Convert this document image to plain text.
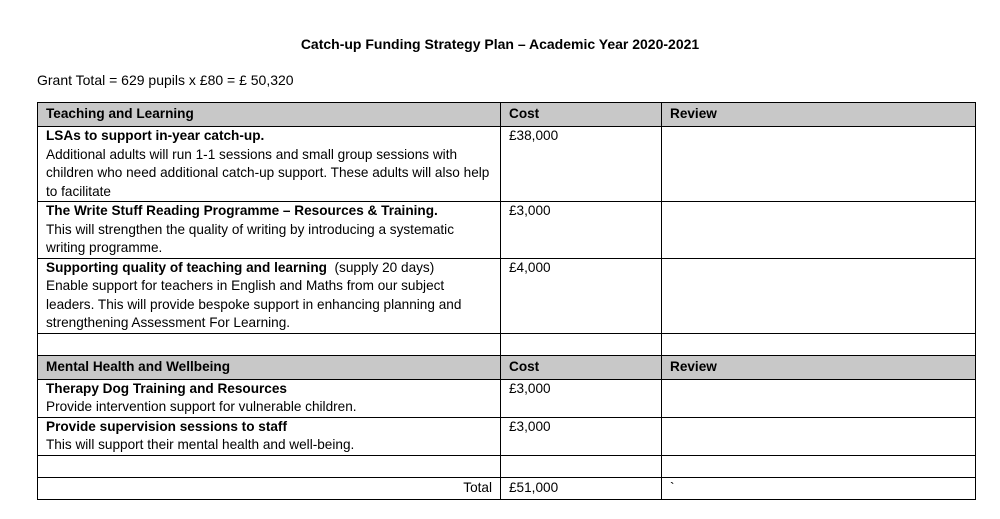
Catch-up Funding Strategy Plan – Academic Year 2020-2021
Grant Total = 629 pupils x £80 = £ 50,320
Teaching and Learning	Cost	Review

LSAs to support in-year catch-up.
Additional adults will run 1-1 sessions and small group sessions with children who need additional catch-up support. These adults will also help to facilitate	£38,000	

The Write Stuff Reading Programme – Resources & Training.
This will strengthen the quality of writing by introducing a systematic writing programme.	£3,000	

Supporting quality of teaching and learning (supply 20 days)
Enable support for teachers in English and Maths from our subject leaders. This will provide bespoke support in enhancing planning and strengthening Assessment For Learning.	£4,000	

Mental Health and Wellbeing	Cost	Review

Therapy Dog Training and Resources
Provide intervention support for vulnerable children.	£3,000	

Provide supervision sessions to staff
This will support their mental health and well-being.	£3,000	

Total	£51,000	`
